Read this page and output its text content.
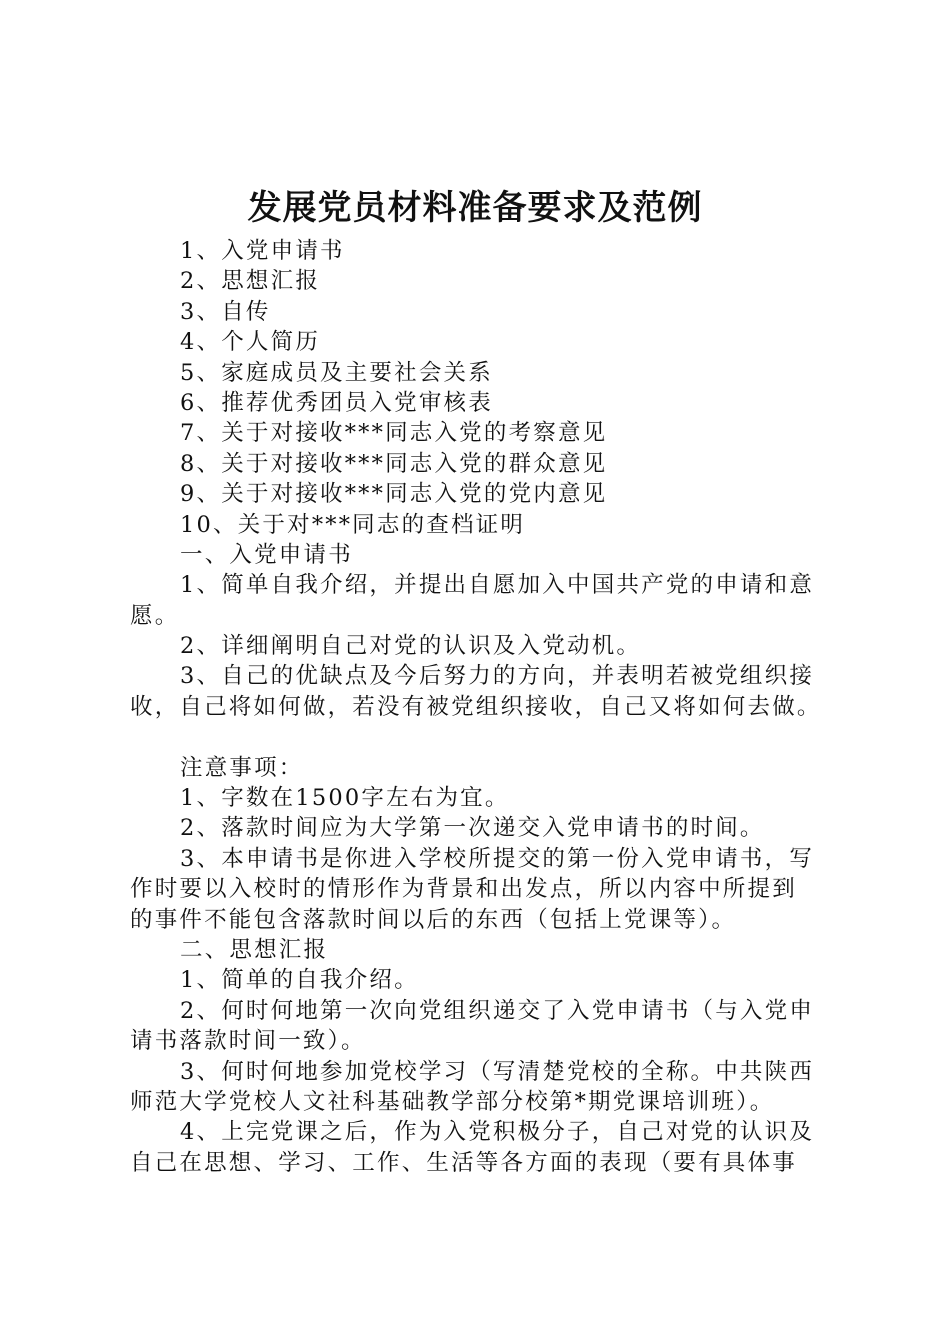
发展党员材料准备要求及范例
1、入党申请书
2、思想汇报
3、自传
4、个人简历
5、家庭成员及主要社会关系
6、推荐优秀团员入党审核表
7、关于对接收***同志入党的考察意见
8、关于对接收***同志入党的群众意见
9、关于对接收***同志入党的党内意见
10、关于对***同志的查档证明
一、入党申请书
1、简单自我介绍，并提出自愿加入中国共产党的申请和意
愿。
2、详细阐明自己对党的认识及入党动机。
3、自己的优缺点及今后努力的方向，并表明若被党组织接
收，自己将如何做，若没有被党组织接收，自己又将如何去做。
注意事项：
1、字数在1500字左右为宜。
2、落款时间应为大学第一次递交入党申请书的时间。
3、本申请书是你进入学校所提交的第一份入党申请书，写
作时要以入校时的情形作为背景和出发点，所以内容中所提到
的事件不能包含落款时间以后的东西（包括上党课等）。
二、思想汇报
1、简单的自我介绍。
2、何时何地第一次向党组织递交了入党申请书（与入党申
请书落款时间一致）。
3、何时何地参加党校学习（写清楚党校的全称。中共陕西
师范大学党校人文社科基础教学部分校第*期党课培训班）。
4、上完党课之后，作为入党积极分子，自己对党的认识及
自己在思想、学习、工作、生活等各方面的表现（要有具体事
